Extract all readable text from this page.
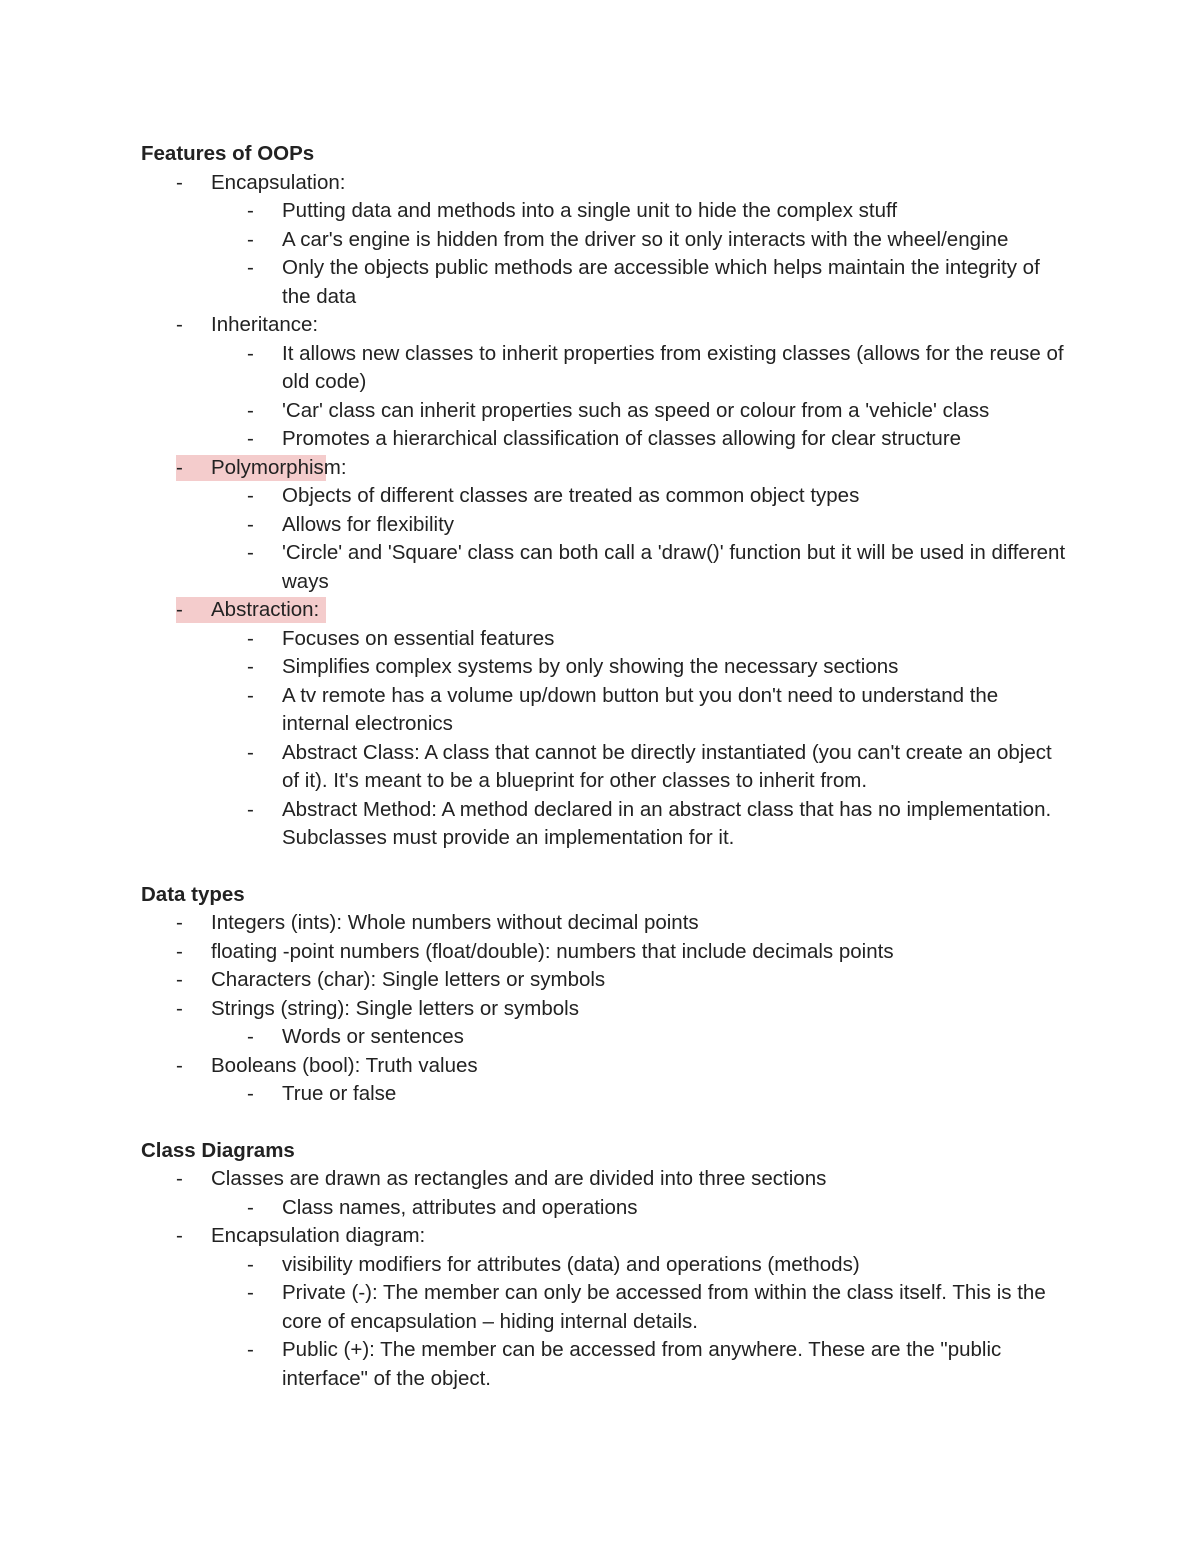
Features of OOPs
-	Encapsulation:
-	Putting data and methods into a single unit to hide the complex stuff
-	A car's engine is hidden from the driver so it only interacts with the wheel/engine
-	Only the objects public methods are accessible which helps maintain the integrity of the data
-	Inheritance:
-	It allows new classes to inherit properties from existing classes (allows for the reuse of old code)
-	'Car' class can inherit properties such as speed or colour from a 'vehicle' class
-	Promotes a hierarchical classification of classes allowing for clear structure
-	Polymorphism:
-	Objects of different classes are treated as common object types
-	Allows for flexibility
-	'Circle' and 'Square' class can both call a 'draw()' function but it will be used in different ways
-	Abstraction:
-	Focuses on essential features
-	Simplifies complex systems by only showing the necessary sections
-	A tv remote has a volume up/down button but you don't need to understand the internal electronics
-	Abstract Class: A class that cannot be directly instantiated (you can't create an object of it). It's meant to be a blueprint for other classes to inherit from.
-	Abstract Method: A method declared in an abstract class that has no implementation. Subclasses must provide an implementation for it.
Data types
-	Integers (ints): Whole numbers without decimal points
-	floating -point numbers (float/double): numbers that include decimals points
-	Characters (char): Single letters or symbols
-	Strings (string): Single letters or symbols
-	Words or sentences
-	Booleans (bool): Truth values
-	True or false
Class Diagrams
-	Classes are drawn as rectangles and are divided into three sections
-	Class names, attributes and operations
-	Encapsulation diagram:
-	visibility modifiers for attributes (data) and operations (methods)
-	Private (-): The member can only be accessed from within the class itself. This is the core of encapsulation – hiding internal details.
-	Public (+): The member can be accessed from anywhere. These are the "public interface" of the object.
